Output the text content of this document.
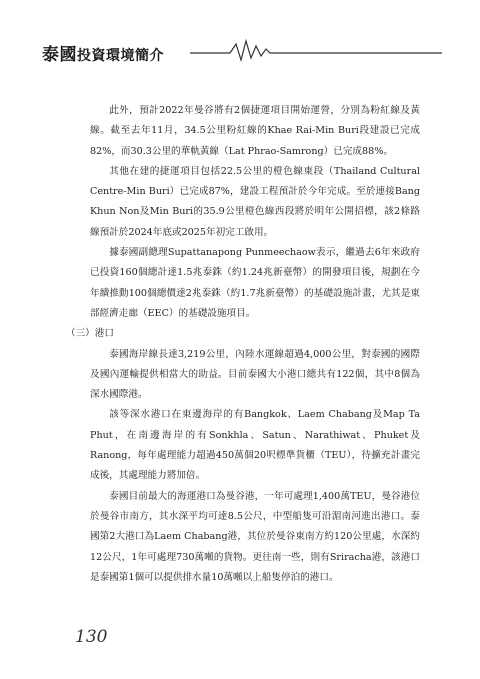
泰國投資環境簡介

此外，預計2022年曼谷將有2個捷運項目開始運營，分別為粉紅線及黃線。截至去年11月，34.5公里粉紅線的Khae Rai-Min Buri段建設已完成82%，而30.3公里的華軌黃線（Lat Phrao-Samrong）已完成88%。

其他在建的捷運項目包括22.5公里的橙色線東段（Thailand Cultural Centre-Min Buri）已完成87%，建設工程預計於今年完成。至於連接Bang Khun Non及Min Buri的35.9公里橙色線西段將於明年公開招標，該2條路線預計於2024年底或2025年初完工啟用。

據泰國副總理Supattanapong Punmeechaow表示，繼過去6年來政府已投資160個總計達1.5兆泰銖（約1.24兆新臺幣）的開發項目後，規劃在今年續推動100個總價達2兆泰銖（約1.7兆新臺幣）的基礎設施計畫，尤其是東部經濟走廊（EEC）的基礎設施項目。

（三）港口

泰國海岸線長達3,219公里，內陸水運線超過4,000公里，對泰國的國際及國內運輸提供相當大的助益。目前泰國大小港口總共有122個，其中8個為深水國際港。

該等深水港口在東邊海岸的有Bangkok、Laem Chabang及Map Ta Phut，在南邊海岸的有Sonkhla、Satun、Narathiwat、Phuket及Ranong，每年處理能力超過450萬個20呎標準貨櫃（TEU），待擴充計畫完成後，其處理能力將加倍。

泰國目前最大的海運港口為曼谷港，一年可處理1,400萬TEU，曼谷港位於曼谷市南方，其水深平均可達8.5公尺，中型船隻可沿湄南河進出港口。泰國第2大港口為Laem Chabang港，其位於曼谷東南方約120公里處，水深約12公尺，1年可處理730萬噸的貨物。更往南一些，則有Sriracha港，該港口是泰國第1個可以提供排水量10萬噸以上船隻停泊的港口。

130
